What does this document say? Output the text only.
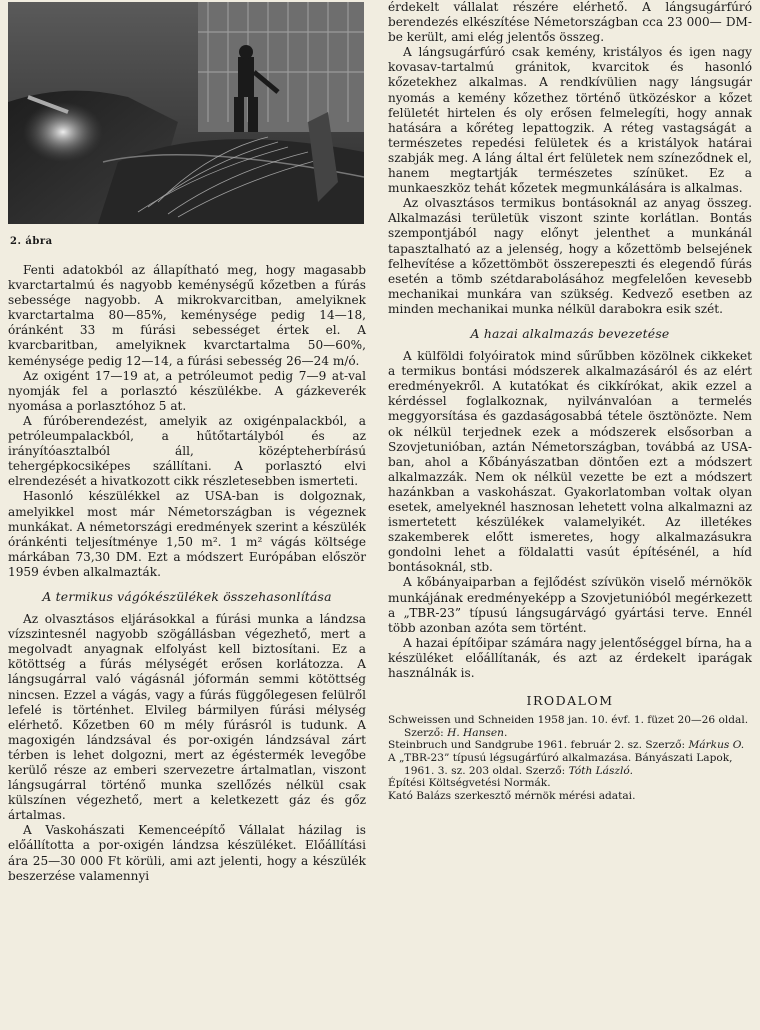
2. ábra

Fenti adatokból az állapítható meg, hogy magasabb kvarctartalmú és nagyobb keménységű kőzetben a fúrás sebessége nagyobb. A mikrokvarcitban, amelyiknek kvarctartalma 80—85%, keménysége pedig 14—18, óránként 33 m fúrási sebességet értek el. A kvarcbaritban, amelyiknek kvarctartalma 50—60%, keménysége pedig 12—14, a fúrási sebesség 26—24 m/ó.

Az oxigént 17—19 at, a petróleumot pedig 7—9 at-val nyomják fel a porlasztó készülékbe. A gázkeverék nyomása a porlasztóhoz 5 at.

A fúróberendezést, amelyik az oxigénpalackból, a petróleumpalackból, a hűtőtartályból és az irányítóasztalból áll, középteherbírású tehergépkocsiképes szállítani. A porlasztó elvi elrendezését a hivatkozott cikk részletesebben ismerteti.

Hasonló készülékkel az USA-ban is dolgoznak, amelyikkel most már Németországban is végeznek munkákat. A németországi eredmények szerint a készülék óránkénti teljesítménye 1,50 m². 1 m² vágás költsége márkában 73,30 DM. Ezt a módszert Európában először 1959 évben alkalmazták.

A termikus vágókészülékek összehasonlítása

Az olvasztásos eljárásokkal a fúrási munka a lándzsa vízszintesnél nagyobb szögállásban végezhető, mert a megolvadt anyagnak elfolyást kell biztosítani. Ez a kötöttség a fúrás mélységét erősen korlátozza. A lángsugárral való vágásnál jóformán semmi kötöttség nincsen. Ezzel a vágás, vagy a fúrás függőlegesen felülről lefelé is történhet. Elvileg bármilyen fúrási mélység elérhető. Kőzetben 60 m mély fúrásról is tudunk. A magoxigén lándzsával és por-oxigén lándzsával zárt térben is lehet dolgozni, mert az égéstermék levegőbe kerülő része az emberi szervezetre ártalmatlan, viszont lángsugárral történő munka szellőzés nélkül csak külszínen végezhető, mert a keletkezett gáz és gőz ártalmas.

A Vaskohászati Kemenceépítő Vállalat házilag is előállította a por-oxigén lándzsa készüléket. Előállítási ára 25—30 000 Ft körüli, ami azt jelenti, hogy a készülék beszerzése valamennyi

érdekelt vállalat részére elérhető. A lángsugárfúró berendezés elkészítése Németországban cca 23 000— DM-be került, ami elég jelentős összeg.

A lángsugárfúró csak kemény, kristályos és igen nagy kovasav-tartalmú gránitok, kvarcitok és hasonló kőzetekhez alkalmas. A rendkívülien nagy lángsugár nyomás a kemény kőzethez történő ütközéskor a kőzet felületét hirtelen és oly erősen felmelegíti, hogy annak hatására a kőréteg lepattogzik. A réteg vastagságát a természetes repedési felületek és a kristályok határai szabják meg. A láng által ért felületek nem színeződnek el, hanem megtartják természetes színüket. Ez a munkaeszköz tehát kőzetek megmunkálására is alkalmas.

Az olvasztásos termikus bontásoknál az anyag összeg. Alkalmazási területük viszont szinte korlátlan. Bontás szempontjából nagy előnyt jelenthet a munkánál tapasztalható az a jelenség, hogy a kőzettömb belsejének felhevítése a kőzettömböt összerepeszti és elegendő fúrás esetén a tömb szétdarabolásához megfelelően kevesebb mechanikai munkára van szükség. Kedvező esetben az minden mechanikai munka nélkül darabokra esik szét.

A hazai alkalmazás bevezetése

A külföldi folyóiratok mind sűrűbben közölnek cikkeket a termikus bontási módszerek alkalmazásáról és az elért eredményekről. A kutatókat és cikkírókat, akik ezzel a kérdéssel foglalkoznak, nyilvánvalóan a termelés meggyorsítása és gazdaságosabbá tétele ösztönözte. Nem ok nélkül terjednek ezek a módszerek elsősorban a Szovjetunióban, aztán Németországban, továbbá az USA-ban, ahol a Kőbányászatban döntően ezt a módszert alkalmazzák. Nem ok nélkül vezette be ezt a módszert hazánkban a vaskohászat. Gyakorlatomban voltak olyan esetek, amelyeknél hasznosan lehetett volna alkalmazni az ismertetett készülékek valamelyikét. Az illetékes szakemberek előtt ismeretes, hogy alkalmazásukra gondolni lehet a földalatti vasút építésénél, a híd bontásoknál, stb.

A kőbányaiparban a fejlődést szívükön viselő mérnökök munkájának eredményeképp a Szovjetunióból megérkezett a „TBR-23” típusú lángsugárvágó gyártási terve. Ennél több azonban azóta sem történt.

A hazai építőipar számára nagy jelentőséggel bírna, ha a készüléket előállítanák, és azt az érdekelt iparágak használnák is.

IRODALOM
Schweissen und Schneiden 1958 jan. 10. évf. 1. füzet 20—26 oldal. Szerző: H. Hansen.
Steinbruch und Sandgrube 1961. február 2. sz. Szerző: Márkus O.
A „TBR-23” típusú légsugárfúró alkalmazása. Bányászati Lapok, 1961. 3. sz. 203 oldal. Szerző: Tóth László.
Építési Költségvetési Normák.
Kató Balázs szerkesztő mérnök mérési adatai.
